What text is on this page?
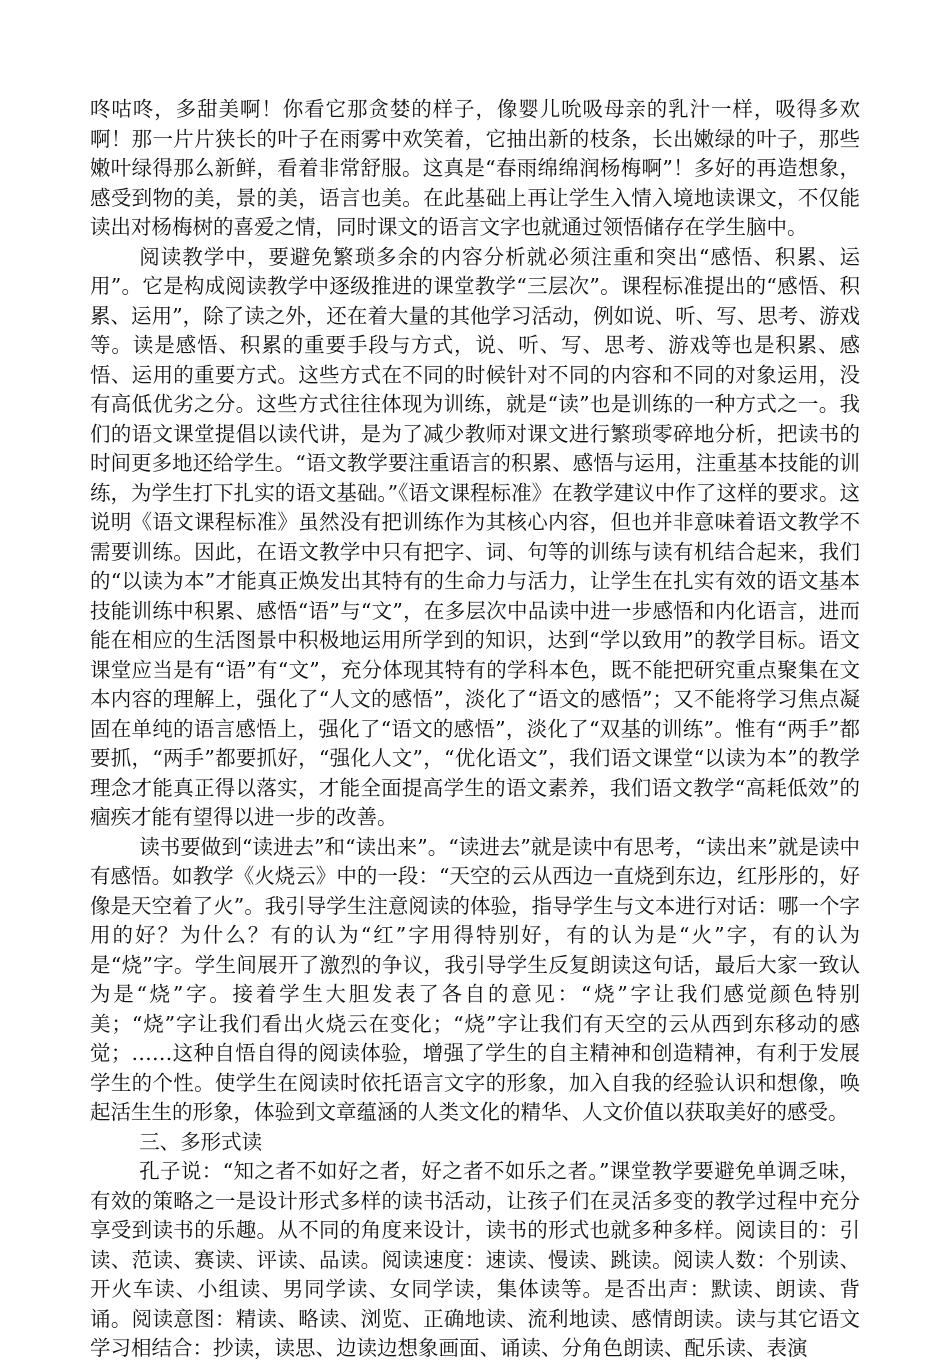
咚咕咚，多甜美啊！你看它那贪婪的样子，像婴儿吮吸母亲的乳汁一样，吸得多欢啊！那一片片狭长的叶子在雨雾中欢笑着，它抽出新的枝条，长出嫩绿的叶子，那些嫩叶绿得那么新鲜，看着非常舒服。这真是“春雨绵绵润杨梅啊”！多好的再造想象，感受到物的美，景的美，语言也美。在此基础上再让学生入情入境地读课文，不仅能读出对杨梅树的喜爱之情，同时课文的语言文字也就通过领悟储存在学生脑中。

阅读教学中，要避免繁琐多余的内容分析就必须注重和突出“感悟、积累、运用”。它是构成阅读教学中逐级推进的课堂教学“三层次”。课程标准提出的“感悟、积累、运用”，除了读之外，还在着大量的其他学习活动，例如说、听、写、思考、游戏等。读是感悟、积累的重要手段与方式，说、听、写、思考、游戏等也是积累、感悟、运用的重要方式。这些方式在不同的时候针对不同的内容和不同的对象运用，没有高低优劣之分。这些方式往往体现为训练，就是“读”也是训练的一种方式之一。我们的语文课堂提倡以读代讲，是为了减少教师对课文进行繁琐零碎地分析，把读书的时间更多地还给学生。“语文教学要注重语言的积累、感悟与运用，注重基本技能的训练，为学生打下扎实的语文基础。”《语文课程标准》在教学建议中作了这样的要求。这说明《语文课程标准》虽然没有把训练作为其核心内容，但也并非意味着语文教学不需要训练。因此，在语文教学中只有把字、词、句等的训练与读有机结合起来，我们的“以读为本”才能真正焕发出其特有的生命力与活力，让学生在扎实有效的语文基本技能训练中积累、感悟“语”与“文”，在多层次中品读中进一步感悟和内化语言，进而能在相应的生活图景中积极地运用所学到的知识，达到“学以致用”的教学目标。语文课堂应当是有“语”有“文”，充分体现其特有的学科本色，既不能把研究重点聚集在文本内容的理解上，强化了“人文的感悟”，淡化了“语文的感悟”；又不能将学习焦点凝固在单纯的语言感悟上，强化了“语文的感悟”，淡化了“双基的训练”。惟有“两手”都要抓，“两手”都要抓好，“强化人文”，“优化语文”，我们语文课堂“以读为本”的教学理念才能真正得以落实，才能全面提高学生的语文素养，我们语文教学“高耗低效”的痼疾才能有望得以进一步的改善。

读书要做到“读进去”和“读出来”。“读进去”就是读中有思考，“读出来”就是读中有感悟。如教学《火烧云》中的一段：“天空的云从西边一直烧到东边，红彤彤的，好像是天空着了火”。我引导学生注意阅读的体验，指导学生与文本进行对话：哪一个字用的好？为什么？有的认为“红”字用得特别好，有的认为是“火”字，有的认为是“烧”字。学生间展开了激烈的争议，我引导学生反复朗读这句话，最后大家一致认为是“烧”字。接着学生大胆发表了各自的意见：“烧”字让我们感觉颜色特别美；“烧”字让我们看出火烧云在变化；“烧”字让我们有天空的云从西到东移动的感觉；……这种自悟自得的阅读体验，增强了学生的自主精神和创造精神，有利于发展学生的个性。使学生在阅读时依托语言文字的形象，加入自我的经验认识和想像，唤起活生生的形象，体验到文章蕴涵的人类文化的精华、人文价值以获取美好的感受。

三、多形式读

孔子说：“知之者不如好之者，好之者不如乐之者。”课堂教学要避免单调乏味，有效的策略之一是设计形式多样的读书活动，让孩子们在灵活多变的教学过程中充分享受到读书的乐趣。从不同的角度来设计，读书的形式也就多种多样。阅读目的：引读、范读、赛读、评读、品读。阅读速度：速读、慢读、跳读。阅读人数：个别读、开火车读、小组读、男同学读、女同学读，集体读等。是否出声：默读、朗读、背诵。阅读意图：精读、略读、浏览、正确地读、流利地读、感情朗读。读与其它语文学习相结合：抄读，读思、边读边想象画面、诵读、分角色朗读、配乐读、表演
